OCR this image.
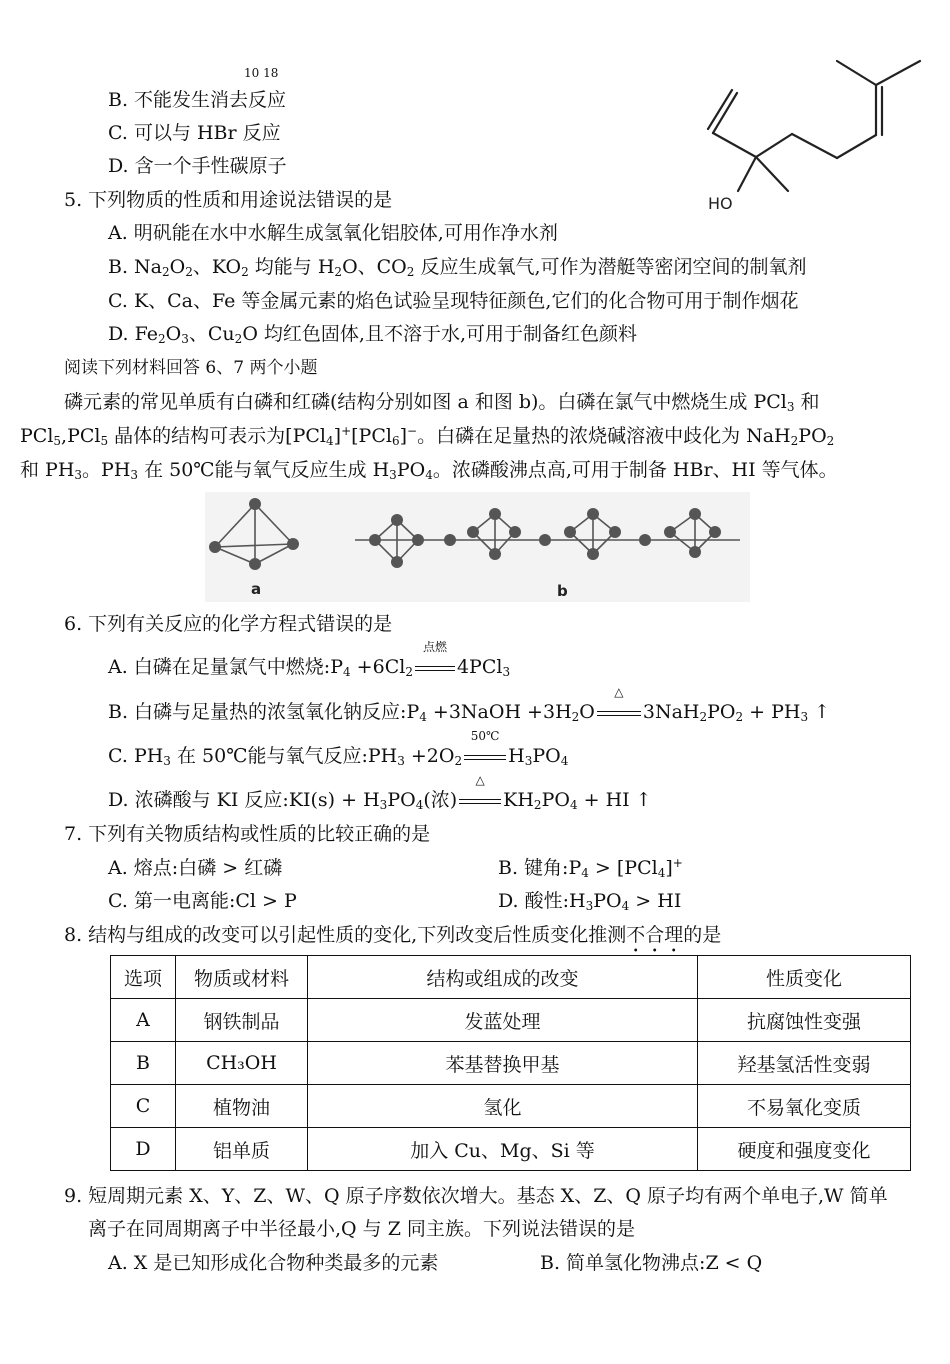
10 18
B. 不能发生消去反应
C. 可以与 HBr 反应
D. 含一个手性碳原子
HO
5. 下列物质的性质和用途说法错误的是
A. 明矾能在水中水解生成氢氧化铝胶体,可用作净水剂
B. $Na_2O_2$、$KO_2$ 均能与 $H_2O$、$CO_2$ 反应生成氧气,可作为潜艇等密闭空间的制氧剂
C. K、Ca、Fe 等金属元素的焰色试验呈现特征颜色,它们的化合物可用于制作烟花
D. $Fe_2O_3$、$Cu_2O$ 均红色固体,且不溶于水,可用于制备红色颜料
阅读下列材料回答 6、7 两个小题
磷元素的常见单质有白磷和红磷(结构分别如图 a 和图 b)。白磷在氯气中燃烧生成 PCl$_3$ 和
PCl$_5$,PCl$_5$ 晶体的结构可表示为[PCl$_4$]+[PCl$_6$]−。白磷在足量热的浓烧碱溶液中歧化为 $NaH_2PO_2$
和 $PH_3$。$PH_3$ 在 50℃能与氧气反应生成 $H_3PO_4$。浓磷酸沸点高,可用于制备 HBr、HI 等气体。
a	b
6. 下列有关反应的化学方程式错误的是
A. 白磷在足量氯气中燃烧$:P_4 +6Cl_2$
点燃
4PCl$_3$
B. 白磷与足量热的浓氢氧化钠反应$:P_4$ +3NaOH $+3H_2O$
△
$3NaH_2PO_2 + PH_3$ ↑
C. $PH_3$ 在 50℃能与氧气反应$:PH_3 +2O_2$
50℃
$H_3PO_4$
D. 浓磷酸与 KI 反应:KI(s) + $H_3PO_4$(浓)
△
$KH_2PO_4$ + HI ↑
7. 下列有关物质结构或性质的比较正确的是
A. 熔点:白磷 > 红磷	B. 键角$:P_4 > [PCl_4]^+$
C. 第一电离能:Cl > P	D. 酸性$:H_3PO_4$ > HI
8. 结构与组成的改变可以引起性质的变化,下列改变后性质变化推测不合理的是
选项	物质或材料	结构或组成的改变	性质变化
A	钢铁制品	发蓝处理	抗腐蚀性变强
B	CH₃OH	苯基替换甲基	羟基氢活性变弱
C	植物油	氢化	不易氧化变质
D	铝单质	加入 Cu、Mg、Si 等	硬度和强度变化
9. 短周期元素 X、Y、Z、W、Q 原子序数依次增大。基态 X、Z、Q 原子均有两个单电子,W 简单
离子在同周期离子中半径最小,Q 与 Z 同主族。下列说法错误的是
A. X 是已知形成化合物种类最多的元素	B. 简单氢化物沸点:Z < Q
